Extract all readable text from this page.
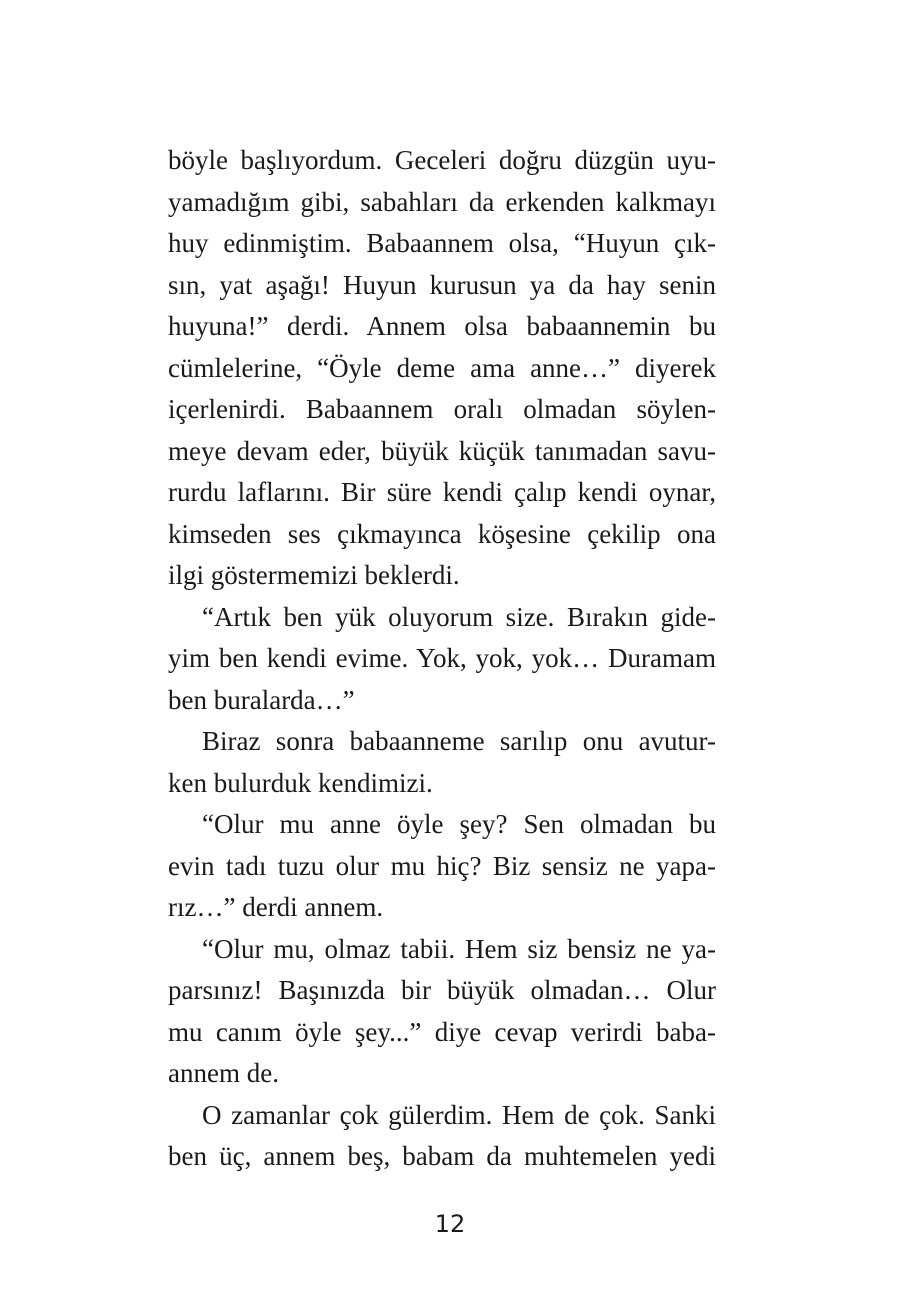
böyle başlıyordum. Geceleri doğru düzgün uyu-
yamadığım gibi, sabahları da erkenden kalkmayı
huy edinmiştim. Babaannem olsa, “Huyun çık-
sın, yat aşağı! Huyun kurusun ya da hay senin
huyuna!” derdi. Annem olsa babaannemin bu
cümlelerine, “Öyle deme ama anne…” diyerek
içerlenirdi. Babaannem oralı olmadan söylen-
meye devam eder, büyük küçük tanımadan savu-
rurdu laflarını. Bir süre kendi çalıp kendi oynar,
kimseden ses çıkmayınca köşesine çekilip ona
ilgi göstermemizi beklerdi.
“Artık ben yük oluyorum size. Bırakın gide-
yim ben kendi evime. Yok, yok, yok… Duramam
ben buralarda…”
Biraz sonra babaanneme sarılıp onu avutur-
ken bulurduk kendimizi.
“Olur mu anne öyle şey? Sen olmadan bu
evin tadı tuzu olur mu hiç? Biz sensiz ne yapa-
rız…” derdi annem.
“Olur mu, olmaz tabii. Hem siz bensiz ne ya-
parsınız! Başınızda bir büyük olmadan… Olur
mu canım öyle şey...” diye cevap verirdi baba-
annem de.
O zamanlar çok gülerdim. Hem de çok. Sanki
ben üç, annem beş, babam da muhtemelen yedi
12
